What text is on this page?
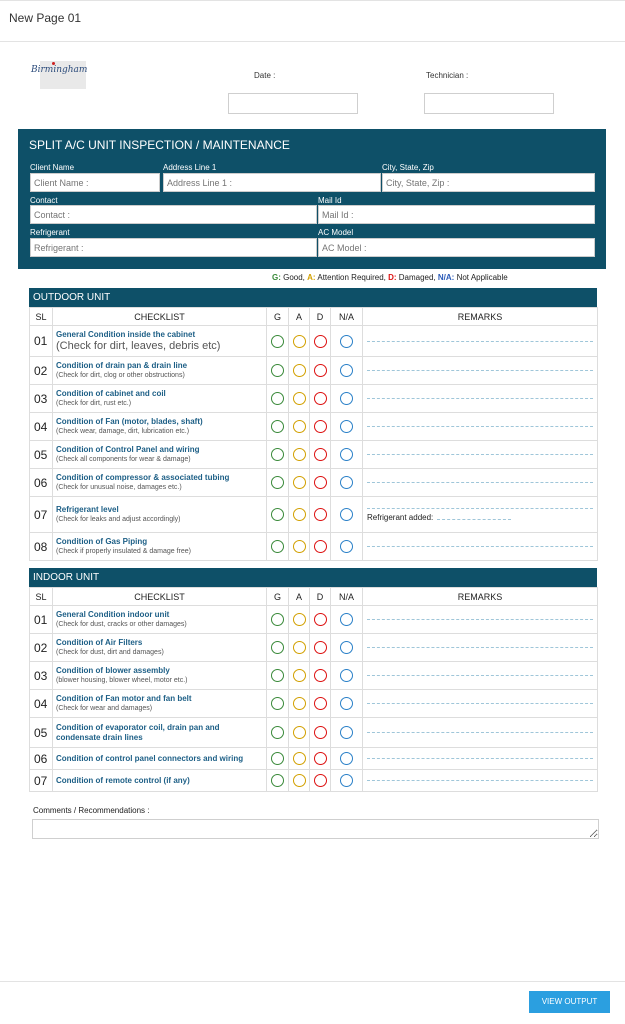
New Page 01
Birmingham
Date :	Technician :
SPLIT A/C UNIT INSPECTION / MAINTENANCE
Client Name
Client Name :	Address Line 1
Address Line 1 :	City, State, Zip
City, State, Zip :
Contact
Contact :	Mail Id
Mail Id :
Refrigerant
Refrigerant :	AC Model
AC Model :
G: Good, A: Attention Required, D: Damaged, N/A: Not Applicable
OUTDOOR UNIT
SL	CHECKLIST	G	A	D	N/A	REMARKS
01	General Condition inside the cabinet
(Check for dirt, leaves, debris etc)					

02	Condition of drain pan & drain line
(Check for dirt, clog or other obstructions)					

03	Condition of cabinet and coil
(Check for dirt, rust etc.)					

04	Condition of Fan (motor, blades, shaft)
(Check wear, damage, dirt, lubrication etc.)					

05	Condition of Control Panel and wiring
(Check all components for wear & damage)					

06	Condition of compressor & associated tubing
(Check for unusual noise, damages etc.)					

07	Refrigerant level
(Check for leaks and adjust accordingly)					Refrigerant added:

08	Condition of Gas Piping
(Check if properly insulated & damage free)					

INDOOR UNIT
SL	CHECKLIST	G	A	D	N/A	REMARKS
01	General Condition indoor unit
(Check for dust, cracks or other damages)					

02	Condition of Air Filters
(Check for dust, dirt and damages)					

03	Condition of blower assembly
(blower housing, blower wheel, motor etc.)					

04	Condition of Fan motor and fan belt
(Check for wear and damages)					

05	Condition of evaporator coil, drain pan and condensate drain lines					

06	Condition of control panel connectors and wiring					

07	Condition of remote control (if any)					

Comments / Recommendations :
VIEW OUTPUT
